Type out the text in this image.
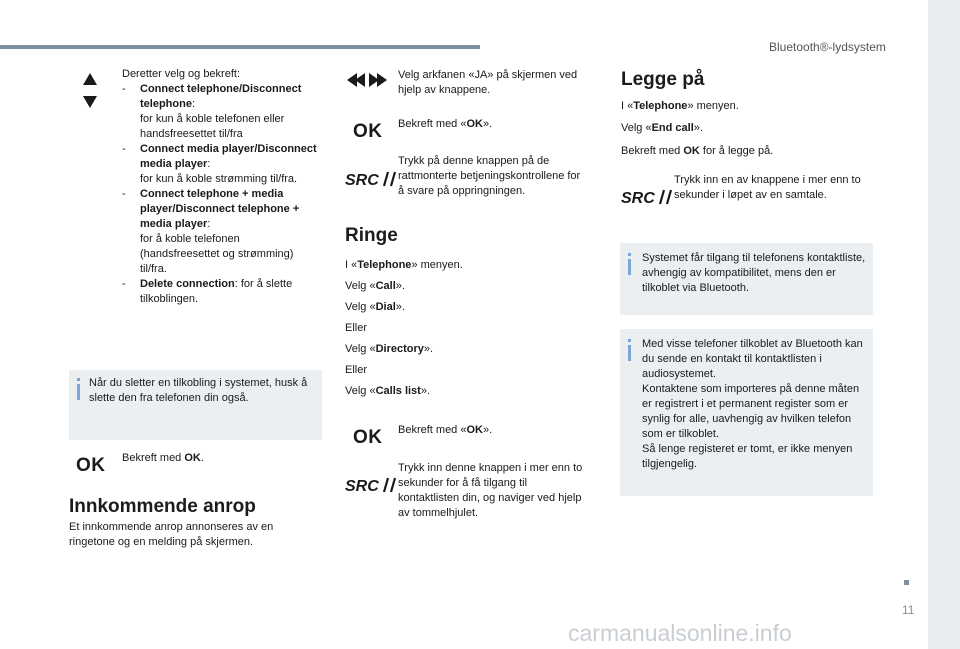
Bluetooth®-lydsystem
Deretter velg og bekreft:
- Connect telephone/Disconnect telephone:
for kun å koble telefonen eller handsfreesettet til/fra
- Connect media player/Disconnect media player:
for kun å koble strømming til/fra.
- Connect telephone + media player/Disconnect telephone + media player:
for å koble telefonen (handsfreesettet og strømming) til/fra.
- Delete connection: for å slette tilkoblingen.
Når du sletter en tilkobling i systemet, husk å slette den fra telefonen din også.
OK Bekreft med OK.
Innkommende anrop
Et innkommende anrop annonseres av en ringetone og en melding på skjermen.
Velg arkfanen «JA» på skjermen ved hjelp av knappene.
OK Bekreft med «OK».
SRC
Trykk på denne knappen på de rattmonterte betjeningskontrollene for å svare på oppringningen.
Ringe
I «Telephone» menyen.
Velg «Call».
Velg «Dial».
Eller
Velg «Directory».
Eller
Velg «Calls list».
OK Bekreft med «OK».
SRC
Trykk inn denne knappen i mer enn to sekunder for å få tilgang til kontaktlisten din, og naviger ved hjelp av tommelhjulet.
Legge på
I «Telephone» menyen.
Velg «End call».
Bekreft med OK for å legge på.
SRC
Trykk inn en av knappene i mer enn to sekunder i løpet av en samtale.
Systemet får tilgang til telefonens kontaktliste, avhengig av kompatibilitet, mens den er tilkoblet via Bluetooth.
Med visse telefoner tilkoblet av Bluetooth kan du sende en kontakt til kontaktlisten i audiosystemet.
Kontaktene som importeres på denne måten er registrert i et permanent register som er synlig for alle, uavhengig av hvilken telefon som er tilkoblet.
Så lenge registeret er tomt, er ikke menyen tilgjengelig.
11
carmanualsonline.info
